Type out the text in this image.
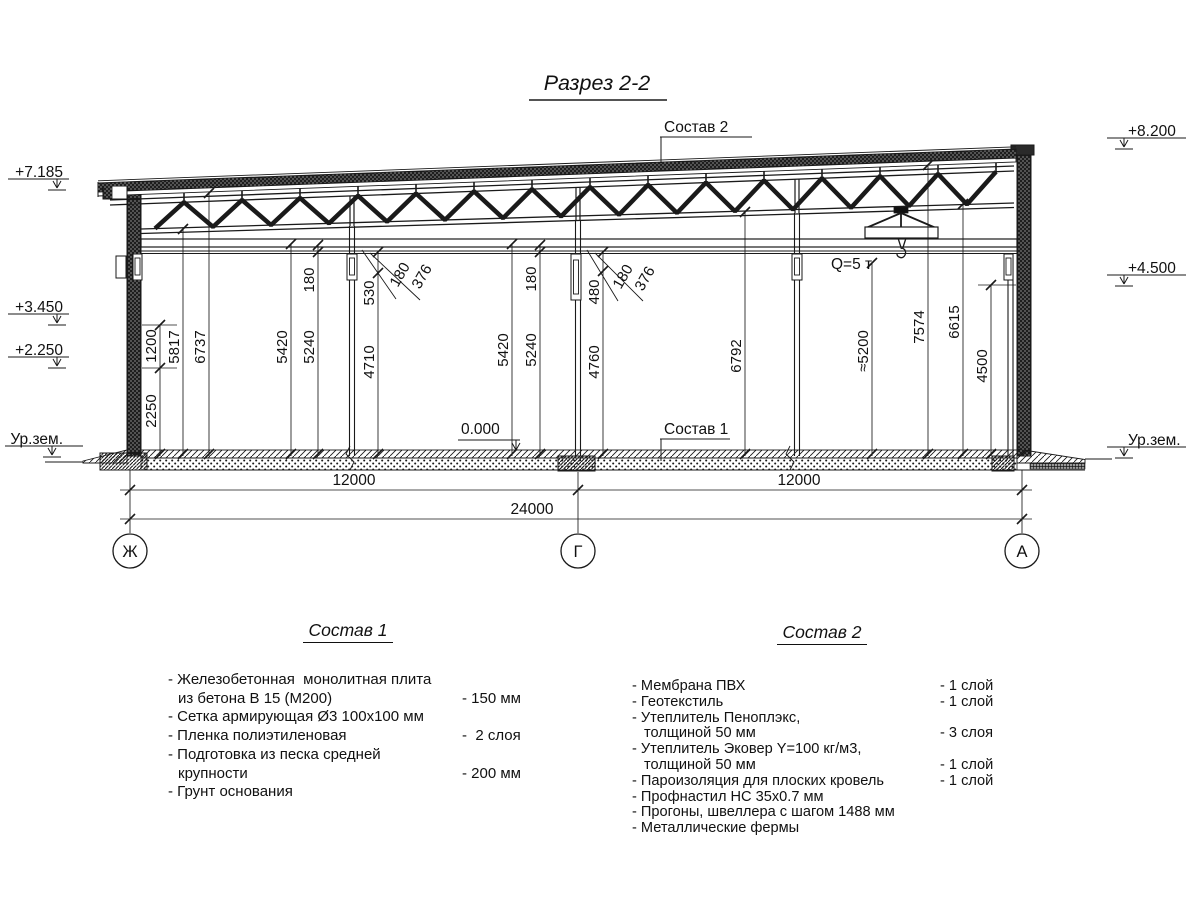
1200
2250
5817 6737	5420
180
5240
530
4710
180
376
5420
180
5240
480
4760
180
376
6792	≈5200
7574 6615
4500
12000	12000
24000
Ж	Г	А
+7.185
+3.450
+2.250
Ур.зем.
+8.200
+4.500
Ур.зем.
Разрез 2-2
Состав 2
Состав 1
0.000
Q=5 т
Состав 1
- Железобетонная  монолитная плита
из бетона В 15 (М200)	- 150 мм
- Сетка армирующая Ø3 100х100 мм
- Пленка полиэтиленовая	-  2 слоя
- Подготовка из песка средней
крупности	- 200 мм
- Грунт основания
Состав 2
- Мембрана ПВХ	- 1 слой
- Геотекстиль	- 1 слой
- Утеплитель Пеноплэкс,
толщиной 50 мм	- 3 слоя
- Утеплитель Эковер Y=100 кг/м3,
толщиной 50 мм	- 1 слой
- Пароизоляция для плоских кровель	- 1 слой
- Профнастил НС 35х0.7 мм
- Прогоны, швеллера с шагом 1488 мм
- Металлические фермы
